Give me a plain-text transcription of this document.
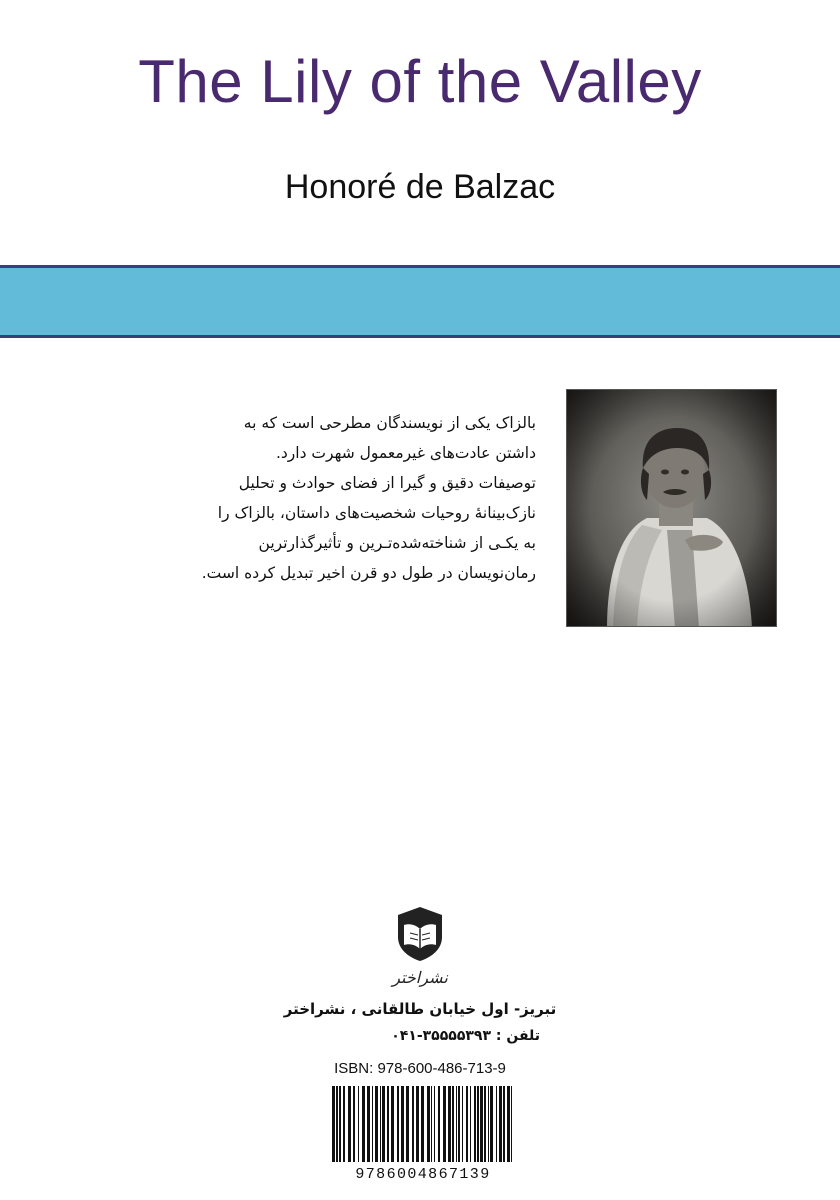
The Lily of the Valley
Honoré de Balzac

بالزاک یکی از نویسندگان مطرحی است که به
داشتن عادت‌های غیرمعمول شهرت دارد.
توصیفات دقیق و گیرا از فضای حوادث و تحلیل
نازک‌بینانهٔ روحیات شخصیت‌های داستان، بالزاک را
به یکـی از شناخته‌شده‌تـرین و تأثیرگذارترین
رمان‌نویسان در طول دو قرن اخیر تبدیل کرده است.

نشراختر
تبریز- اول خیابان طالقانی ، نشراختر
تلفن : ۳۵۵۵۵۳۹۳-۰۴۱
ISBN: 978-600-486-713-9
9786004867139
